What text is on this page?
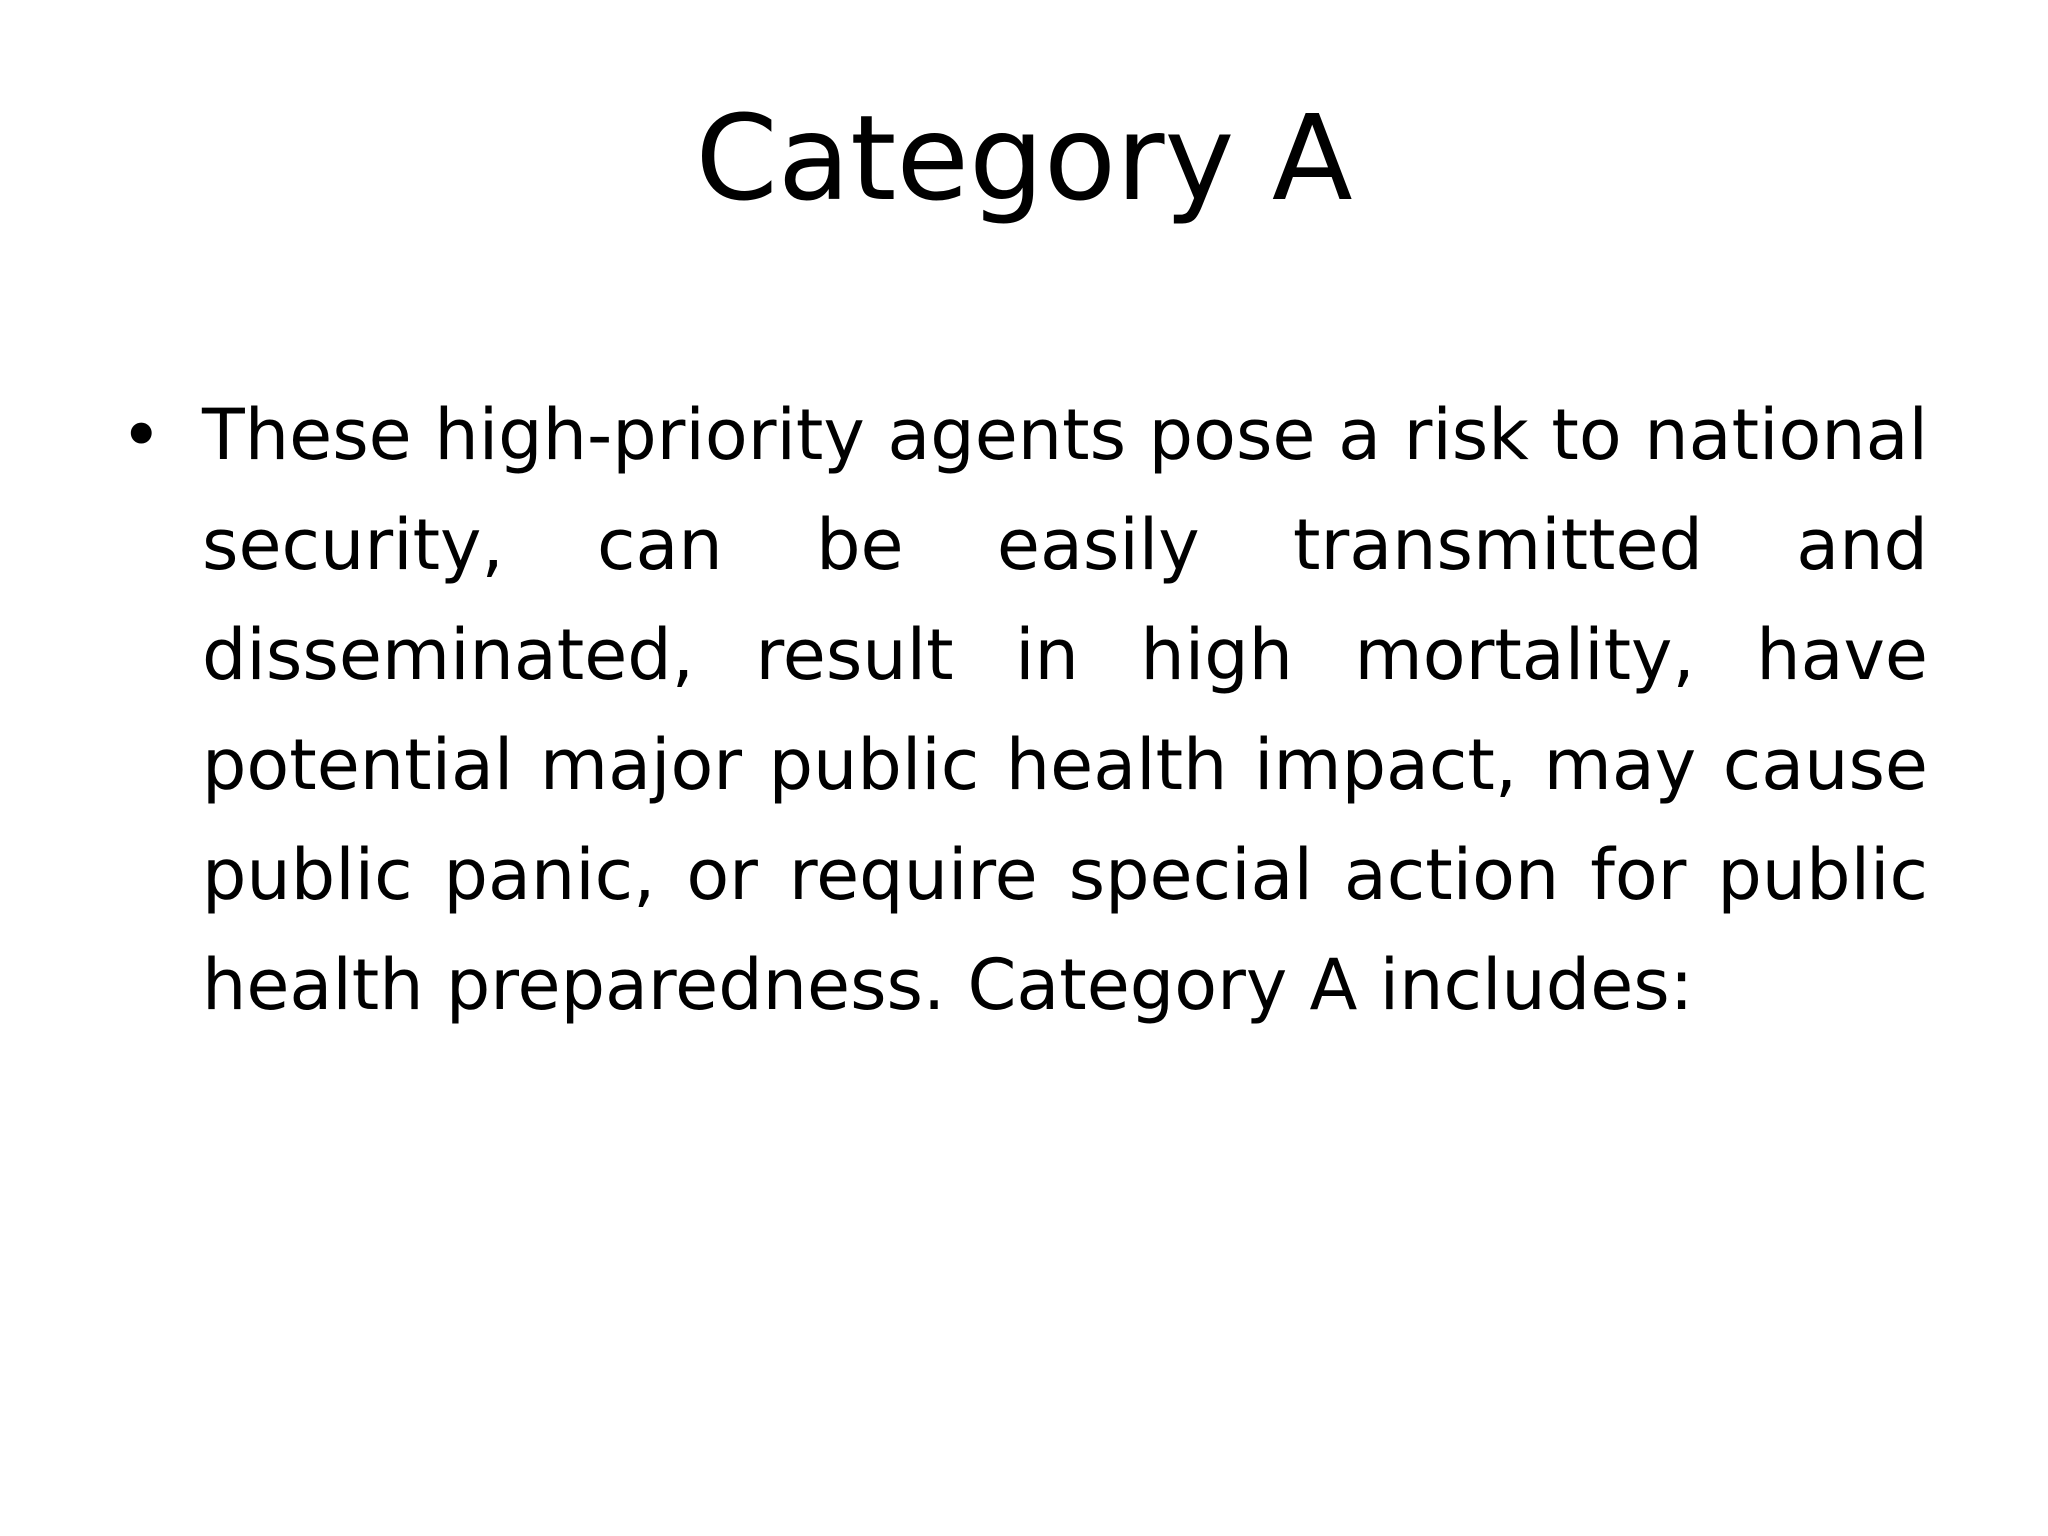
Category A
• These high-priority agents pose a risk to national security, can be easily transmitted and disseminated, result in high mortality, have potential major public health impact, may cause public panic, or require special action for public health preparedness. Category A includes:
